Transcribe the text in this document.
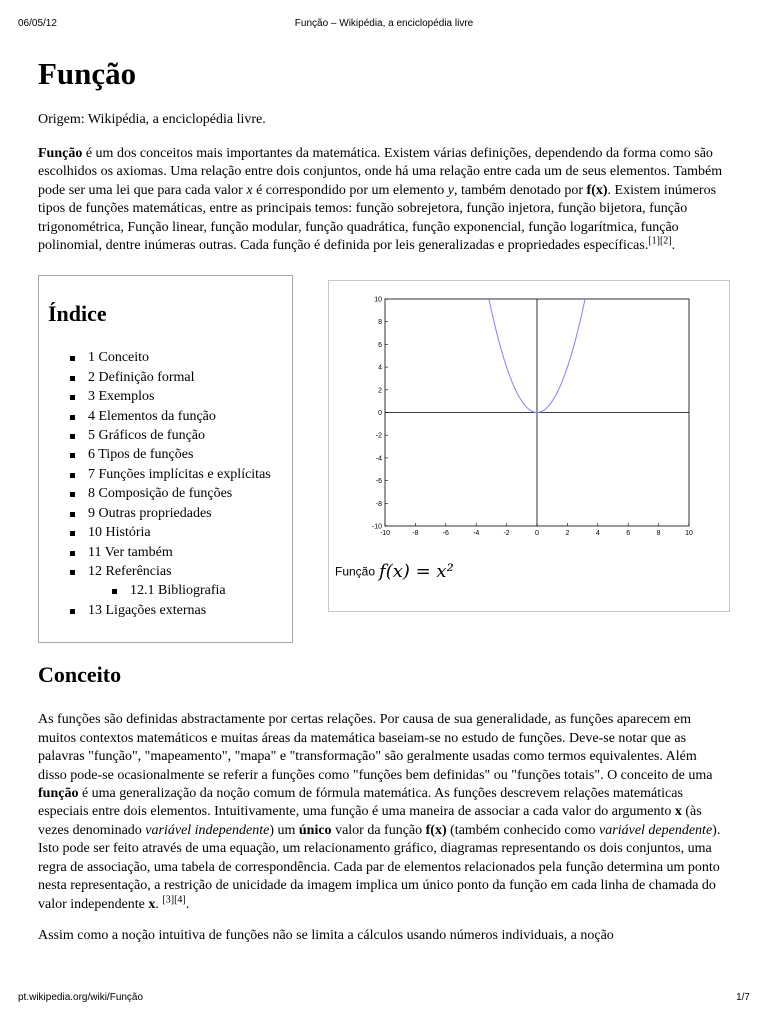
06/05/12	Função – Wikipédia, a enciclopédia livre
Função
Origem: Wikipédia, a enciclopédia livre.

Função é um dos conceitos mais importantes da matemática. Existem várias definições, dependendo da forma como são escolhidos os axiomas. Uma relação entre dois conjuntos, onde há uma relação entre cada um de seus elementos. Também pode ser uma lei que para cada valor x é correspondido por um elemento y, também denotado por f(x). Existem inúmeros tipos de funções matemáticas, entre as principais temos: função sobrejetora, função injetora, função bijetora, função trigonométrica, Função linear, função modular, função quadrática, função exponencial, função logarítmica, função polinomial, dentre inúmeras outras. Cada função é definida por leis generalizadas e propriedades específicas.[1][2].

Índice
1 Conceito
2 Definição formal
3 Exemplos
4 Elementos da função
5 Gráficos de função
6 Tipos de funções
7 Funções implícitas e explícitas
8 Composição de funções
9 Outras propriedades
10 História
11 Ver também
12 Referências
12.1 Bibliografia
13 Ligações externas
-10	-8	-6	-4	-2	0	2	4	6	8	10
10
8
6
4
2
0
-2
-4
-6
-8
-10
Função f(x) = x²
Conceito

As funções são definidas abstractamente por certas relações. Por causa de sua generalidade, as funções aparecem em muitos contextos matemáticos e muitas áreas da matemática baseiam-se no estudo de funções. Deve-se notar que as palavras "função", "mapeamento", "mapa" e "transformação" são geralmente usadas como termos equivalentes. Além disso pode-se ocasionalmente se referir a funções como "funções bem definidas" ou "funções totais". O conceito de uma função é uma generalização da noção comum de fórmula matemática. As funções descrevem relações matemáticas especiais entre dois elementos. Intuitivamente, uma função é uma maneira de associar a cada valor do argumento x (às vezes denominado variável independente) um único valor da função f(x) (também conhecido como variável dependente). Isto pode ser feito através de uma equação, um relacionamento gráfico, diagramas representando os dois conjuntos, uma regra de associação, uma tabela de correspondência. Cada par de elementos relacionados pela função determina um ponto nesta representação, a restrição de unicidade da imagem implica um único ponto da função em cada linha de chamada do valor independente x. [3][4].

Assim como a noção intuitiva de funções não se limita a cálculos usando números individuais, a noção

pt.wikipedia.org/wiki/Função	1/7
